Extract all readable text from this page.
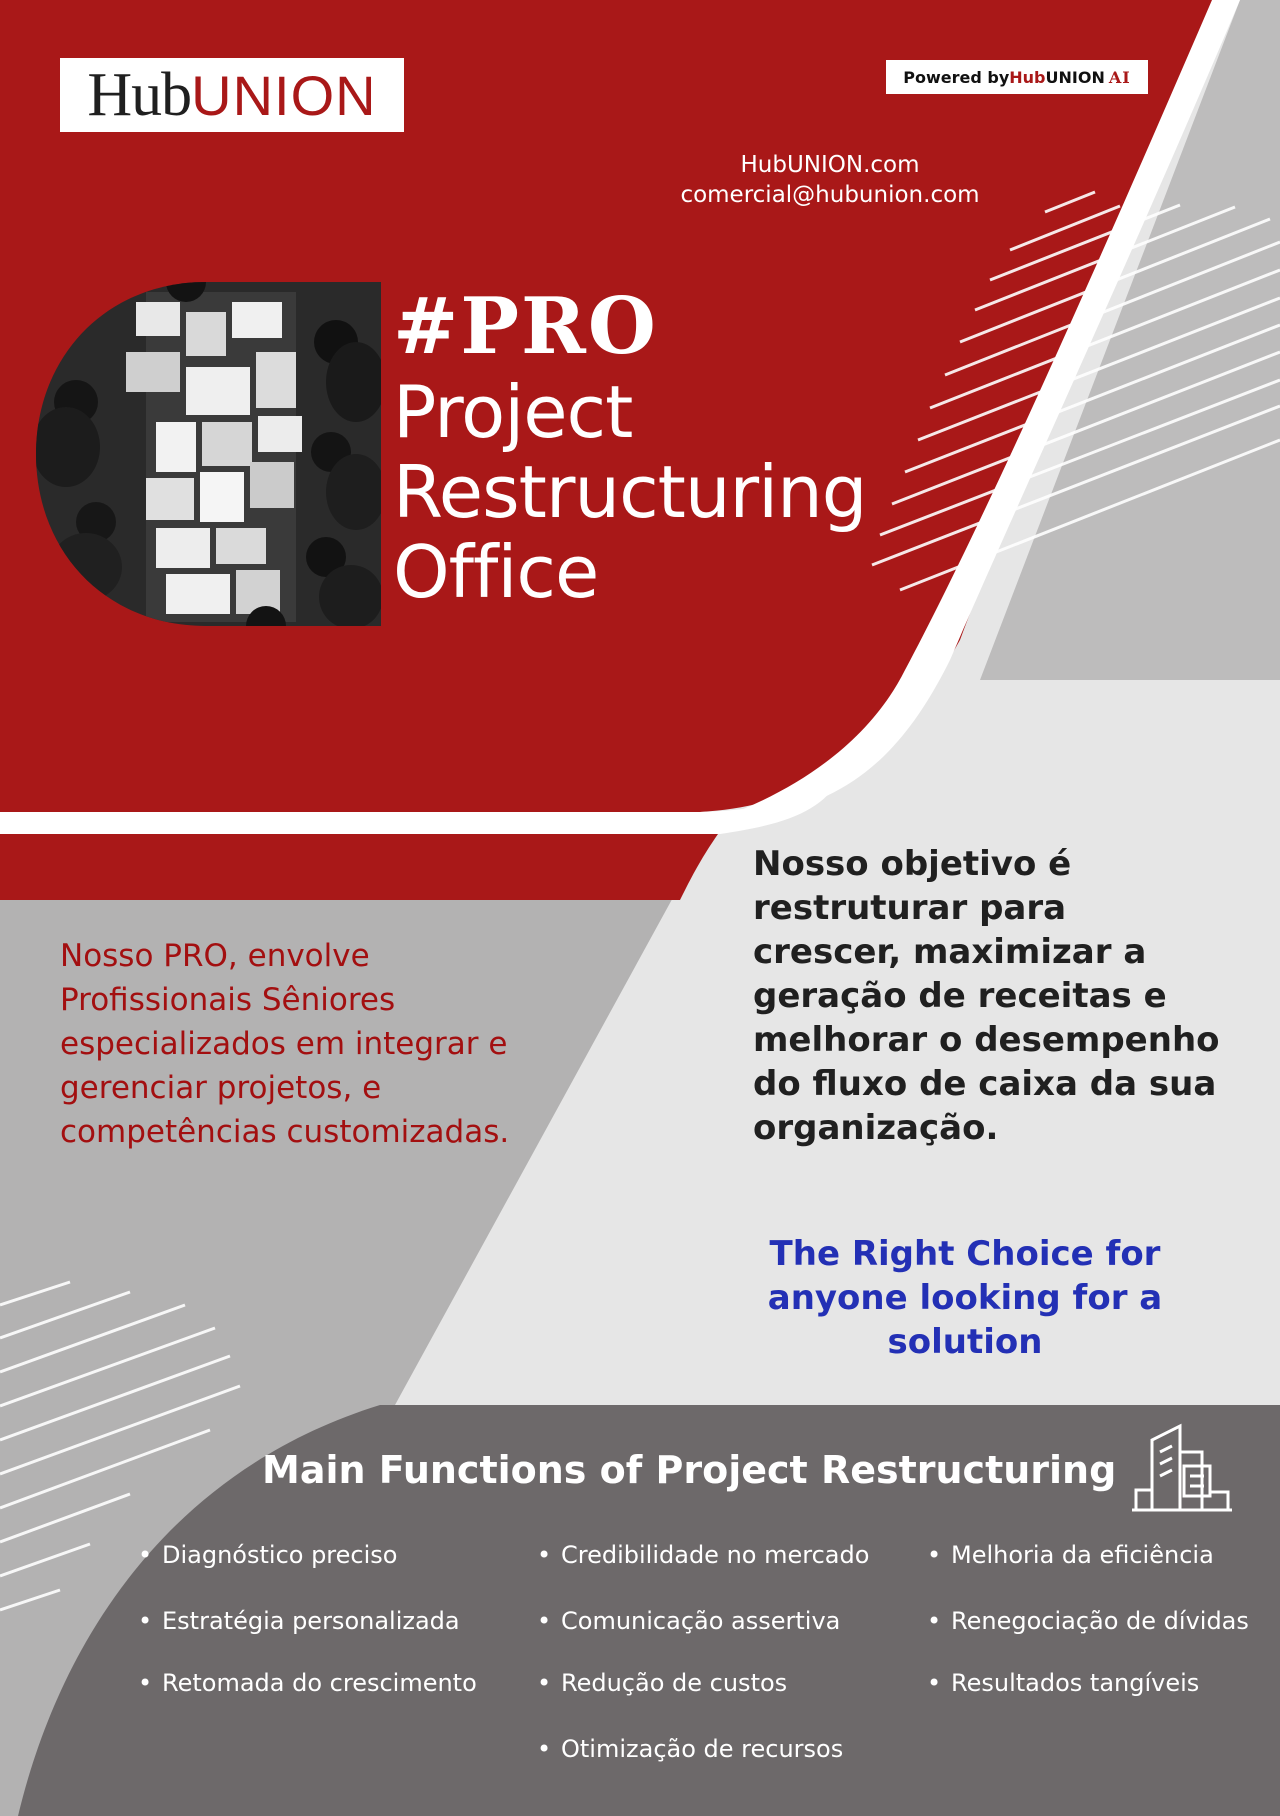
HubUNION	Powered by Hub UNION AI
HubUNION.com
comercial@hubunion.com
#PRO
Project
Restructuring
Office
Nosso PRO, envolve Profissionais Sêniores especializados em integrar e gerenciar projetos, e competências customizadas.
Nosso objetivo é restruturar para crescer, maximizar a geração de receitas e melhorar o desempenho do fluxo de caixa da sua organização.
The Right Choice for anyone looking for a solution
Main Functions of Project Restructuring
• Diagnóstico preciso
• Estratégia personalizada
• Retomada do crescimento
• Credibilidade no mercado
• Comunicação assertiva
• Redução de custos
• Otimização de recursos
• Melhoria da eficiência
• Renegociação de dívidas
• Resultados tangíveis
